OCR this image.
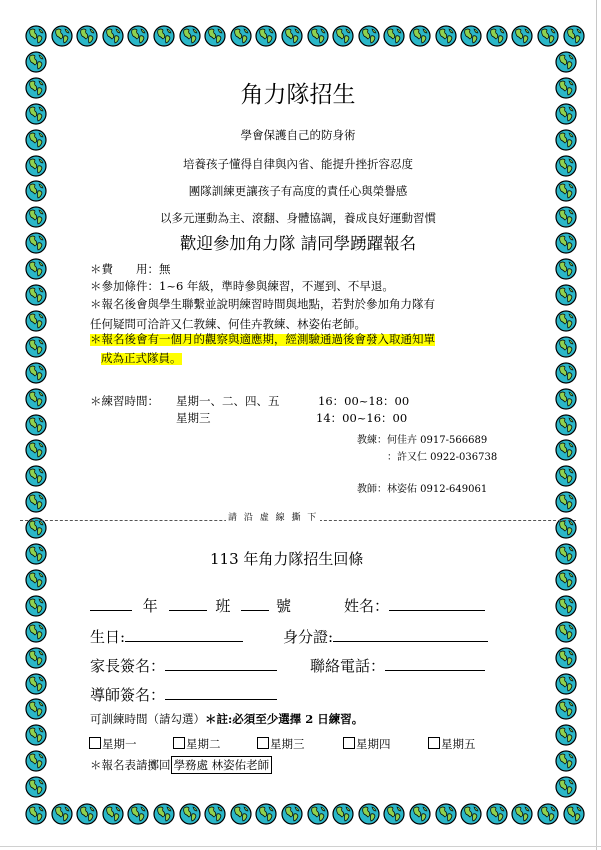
角力隊招生
學會保護自己的防身術
培養孩子懂得自律與內省、能提升挫折容忍度
團隊訓練更讓孩子有高度的責任心與榮譽感
以多元運動為主、滾翻、身體協調，養成良好運動習慣
歡迎參加角力隊 請同學踴躍報名
＊費　　用：無
＊參加條件：1~6 年級，準時參與練習，不遲到、不早退。
＊報名後會與學生聯繫並說明練習時間與地點，若對於參加角力隊有
任何疑問可洽許又仁教練、何佳卉教練、林姿佑老師。
＊報名後會有一個月的觀察與適應期，經測驗通過後會發入取通知單
成為正式隊員。
＊練習時間： 星期一、二、四、五	16：00~18：00
星期三	14：00~16：00
教練：何佳卉 0917-566689
：許又仁 0922-036738
教師：林姿佑 0912-649061
請 沿 虛 線 撕 下
113 年角力隊招生回條
年	班	號	姓名：
生日:	身分證:
家長簽名：	聯絡電話：
導師簽名：
可訓練時間（請勾選）＊註:必須至少選擇 2 日練習。
星期一	星期二	星期三	星期四	星期五
＊報名表請擲回 學務處 林姿佑老師
